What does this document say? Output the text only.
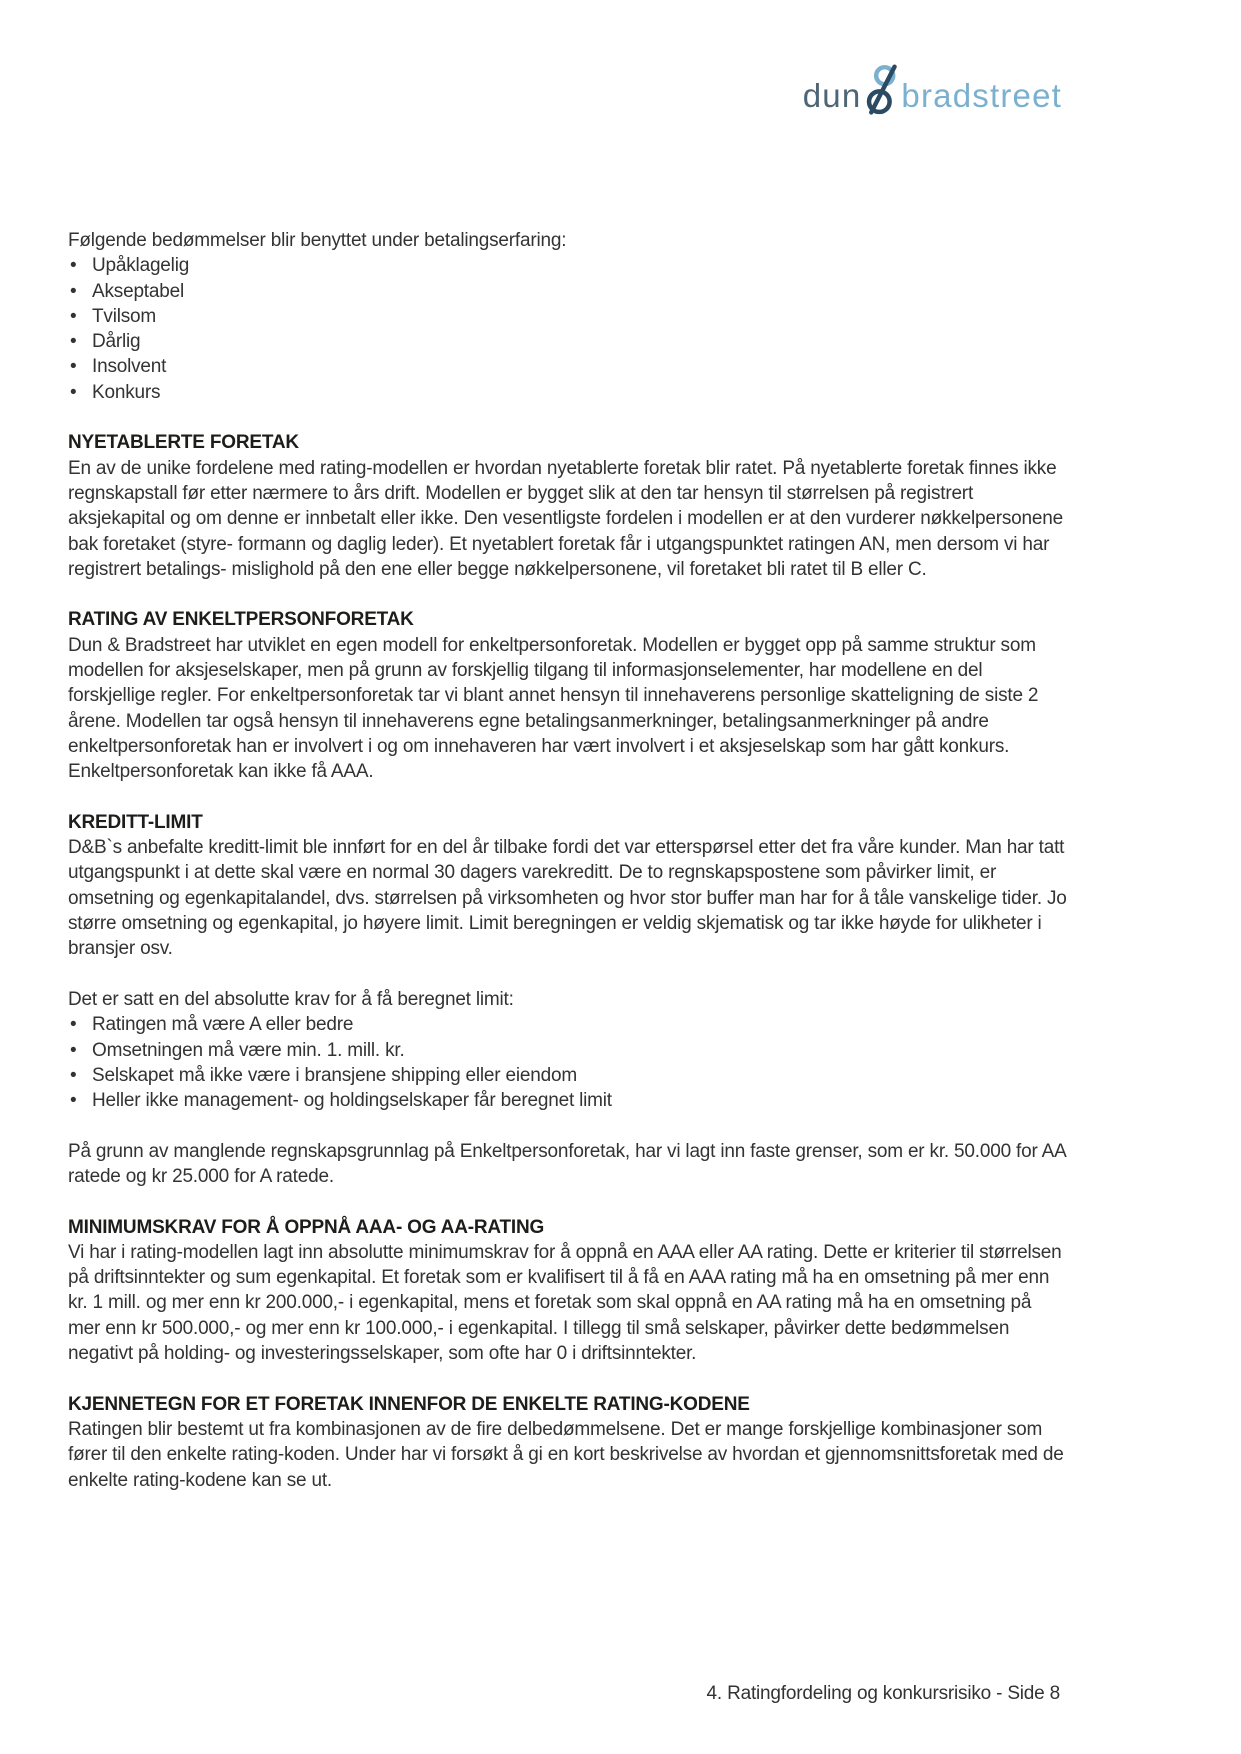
dun bradstreet

Følgende bedømmelser blir benyttet under betalingserfaring:

• Upåklagelig
• Akseptabel
• Tvilsom
• Dårlig
• Insolvent
• Konkurs
NYETABLERTE FORETAK

En av de unike fordelene med rating-modellen er hvordan nyetablerte foretak blir ratet. På nyetablerte foretak finnes ikke regnskapstall før etter nærmere to års drift. Modellen er bygget slik at den tar hensyn til størrelsen på registrert aksjekapital og om denne er innbetalt eller ikke. Den vesentligste fordelen i modellen er at den vurderer nøkkelpersonene bak foretaket (styre- formann og daglig leder). Et nyetablert foretak får i utgangspunktet ratingen AN, men dersom vi har registrert betalings- mislighold på den ene eller begge nøkkelpersonene, vil foretaket bli ratet til B eller C.

RATING AV ENKELTPERSONFORETAK

Dun & Bradstreet har utviklet en egen modell for enkeltpersonforetak. Modellen er bygget opp på samme struktur som modellen for aksjeselskaper, men på grunn av forskjellig tilgang til informasjonselementer, har modellene en del forskjellige regler. For enkeltpersonforetak tar vi blant annet hensyn til innehaverens personlige skatteligning de siste 2 årene. Modellen tar også hensyn til innehaverens egne betalingsanmerkninger, betalingsanmerkninger på andre enkeltpersonforetak han er involvert i og om innehaveren har vært involvert i et aksjeselskap som har gått konkurs. Enkeltpersonforetak kan ikke få AAA.

KREDITT-LIMIT

D&B`s anbefalte kreditt-limit ble innført for en del år tilbake fordi det var etterspørsel etter det fra våre kunder. Man har tatt utgangspunkt i at dette skal være en normal 30 dagers varekreditt. De to regnskapspostene som påvirker limit, er omsetning og egenkapitalandel, dvs. størrelsen på virksomheten og hvor stor buffer man har for å tåle vanskelige tider. Jo større omsetning og egenkapital, jo høyere limit. Limit beregningen er veldig skjematisk og tar ikke høyde for ulikheter i bransjer osv.

Det er satt en del absolutte krav for å få beregnet limit:

• Ratingen må være A eller bedre
• Omsetningen må være min. 1. mill. kr.
• Selskapet må ikke være i bransjene shipping eller eiendom
• Heller ikke management- og holdingselskaper får beregnet limit

På grunn av manglende regnskapsgrunnlag på Enkeltpersonforetak, har vi lagt inn faste grenser, som er kr. 50.000 for AA ratede og kr 25.000 for A ratede.

MINIMUMSKRAV FOR Å OPPNÅ AAA- OG AA-RATING

Vi har i rating-modellen lagt inn absolutte minimumskrav for å oppnå en AAA eller AA rating. Dette er kriterier til størrelsen på driftsinntekter og sum egenkapital. Et foretak som er kvalifisert til å få en AAA rating må ha en omsetning på mer enn kr. 1 mill. og mer enn kr 200.000,- i egenkapital, mens et foretak som skal oppnå en AA rating må ha en omsetning på mer enn kr 500.000,- og mer enn kr 100.000,- i egenkapital. I tillegg til små selskaper, påvirker dette bedømmelsen negativt på holding- og investeringsselskaper, som ofte har 0 i driftsinntekter.

KJENNETEGN FOR ET FORETAK INNENFOR DE ENKELTE RATING-KODENE

Ratingen blir bestemt ut fra kombinasjonen av de fire delbedømmelsene. Det er mange forskjellige kombinasjoner som fører til den enkelte rating-koden. Under har vi forsøkt å gi en kort beskrivelse av hvordan et gjennomsnittsforetak med de enkelte rating-kodene kan se ut.

4. Ratingfordeling og konkursrisiko - Side 8
